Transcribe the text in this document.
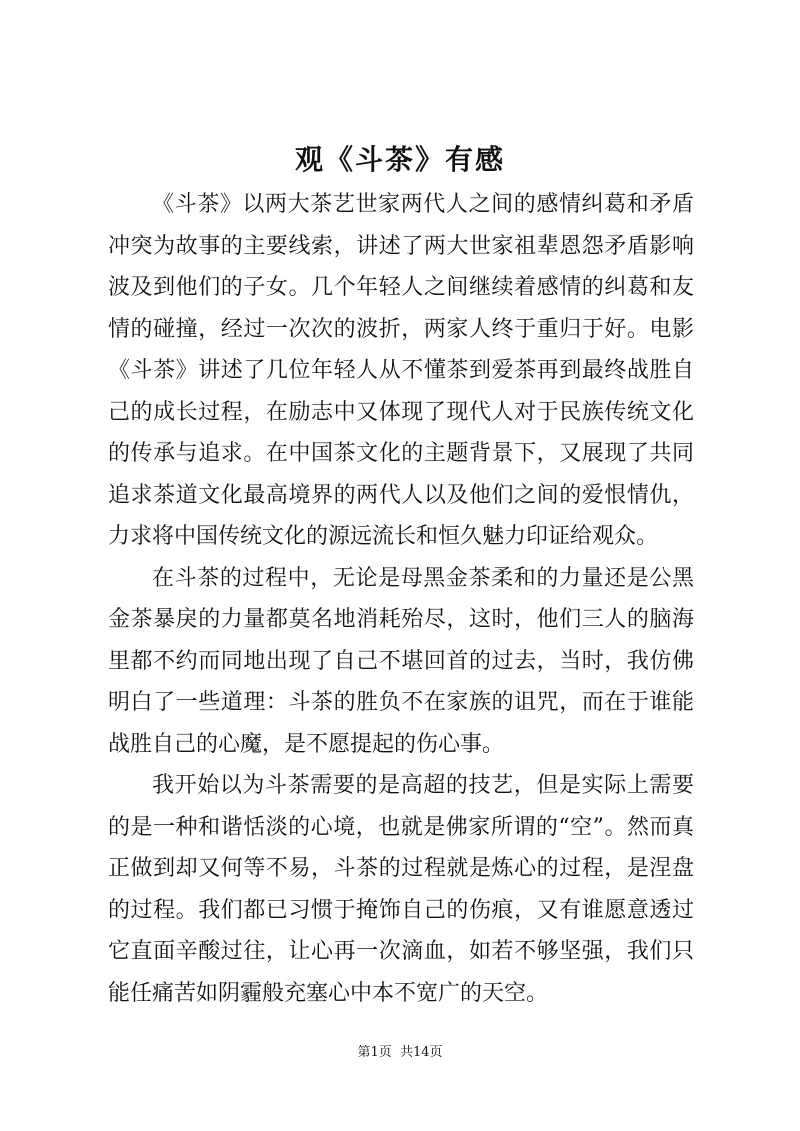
观《斗茶》有感

《斗茶》以两大茶艺世家两代人之间的感情纠葛和矛盾冲突为故事的主要线索，讲述了两大世家祖辈恩怨矛盾影响波及到他们的子女。几个年轻人之间继续着感情的纠葛和友情的碰撞，经过一次次的波折，两家人终于重归于好。电影《斗茶》讲述了几位年轻人从不懂茶到爱茶再到最终战胜自己的成长过程，在励志中又体现了现代人对于民族传统文化的传承与追求。在中国茶文化的主题背景下，又展现了共同追求茶道文化最高境界的两代人以及他们之间的爱恨情仇，力求将中国传统文化的源远流长和恒久魅力印证给观众。

在斗茶的过程中，无论是母黑金茶柔和的力量还是公黑金茶暴戾的力量都莫名地消耗殆尽，这时，他们三人的脑海里都不约而同地出现了自己不堪回首的过去，当时，我仿佛明白了一些道理：斗茶的胜负不在家族的诅咒，而在于谁能战胜自己的心魔，是不愿提起的伤心事。

我开始以为斗茶需要的是高超的技艺，但是实际上需要的是一种和谐恬淡的心境，也就是佛家所谓的“空”。然而真正做到却又何等不易，斗茶的过程就是炼心的过程，是涅盘的过程。我们都已习惯于掩饰自己的伤痕，又有谁愿意透过它直面辛酸过往，让心再一次滴血，如若不够坚强，我们只能任痛苦如阴霾般充塞心中本不宽广的天空。

第1页 共14页
